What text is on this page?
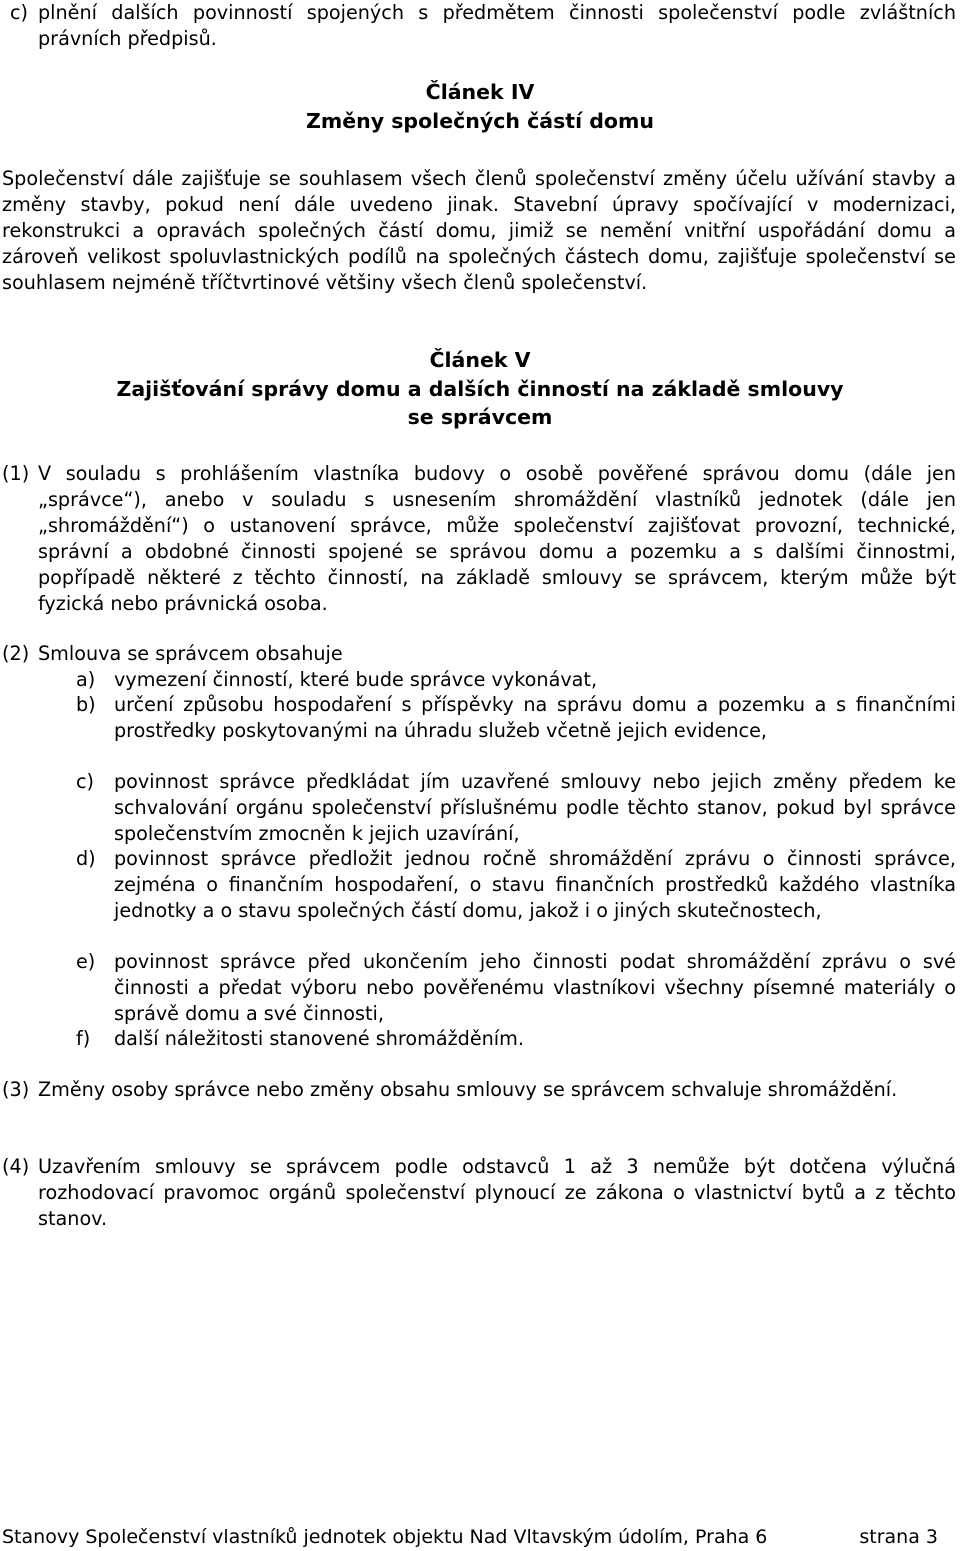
c) plnění dalších povinností spojených s předmětem činnosti společenství podle zvláštních právních předpisů.
Článek IV
Změny společných částí domu
Společenství dále zajišťuje se souhlasem všech členů společenství změny účelu užívání stavby a změny stavby, pokud není dále uvedeno jinak. Stavební úpravy spočívající v modernizaci, rekonstrukci a opravách společných částí domu, jimiž se nemění vnitřní uspořádání domu a zároveň velikost spoluvlastnických podílů na společných částech domu, zajišťuje společenství se souhlasem nejméně tříčtvrtinové většiny všech členů společenství.
Článek V
Zajišťování správy domu a dalších činností na základě smlouvy
se správcem
(1) V souladu s prohlášením vlastníka budovy o osobě pověřené správou domu (dále jen „správce“), anebo v souladu s usnesením shromáždění vlastníků jednotek (dále jen „shromáždění“) o ustanovení správce, může společenství zajišťovat provozní, technické, správní a obdobné činnosti spojené se správou domu a pozemku a s dalšími činnostmi, popřípadě některé z těchto činností, na základě smlouvy se správcem, kterým může být fyzická nebo právnická osoba.
(2) Smlouva se správcem obsahuje
a) vymezení činností, které bude správce vykonávat,
b) určení způsobu hospodaření s příspěvky na správu domu a pozemku a s finančními prostředky poskytovanými na úhradu služeb včetně jejich evidence,
c) povinnost správce předkládat jím uzavřené smlouvy nebo jejich změny předem ke schvalování orgánu společenství příslušnému podle těchto stanov, pokud byl správce společenstvím zmocněn k jejich uzavírání,
d) povinnost správce předložit jednou ročně shromáždění zprávu o činnosti správce, zejména o finančním hospodaření, o stavu finančních prostředků každého vlastníka jednotky a o stavu společných částí domu, jakož i o jiných skutečnostech,
e) povinnost správce před ukončením jeho činnosti podat shromáždění zprávu o své činnosti a předat výboru nebo pověřenému vlastníkovi všechny písemné materiály o správě domu a své činnosti,
f) další náležitosti stanovené shromážděním.
(3) Změny osoby správce nebo změny obsahu smlouvy se správcem schvaluje shromáždění.
(4) Uzavřením smlouvy se správcem podle odstavců 1 až 3 nemůže být dotčena výlučná rozhodovací pravomoc orgánů společenství plynoucí ze zákona o vlastnictví bytů a z těchto stanov.
Stanovy Společenství vlastníků jednotek objektu Nad Vltavským údolím, Praha 6	strana 3
